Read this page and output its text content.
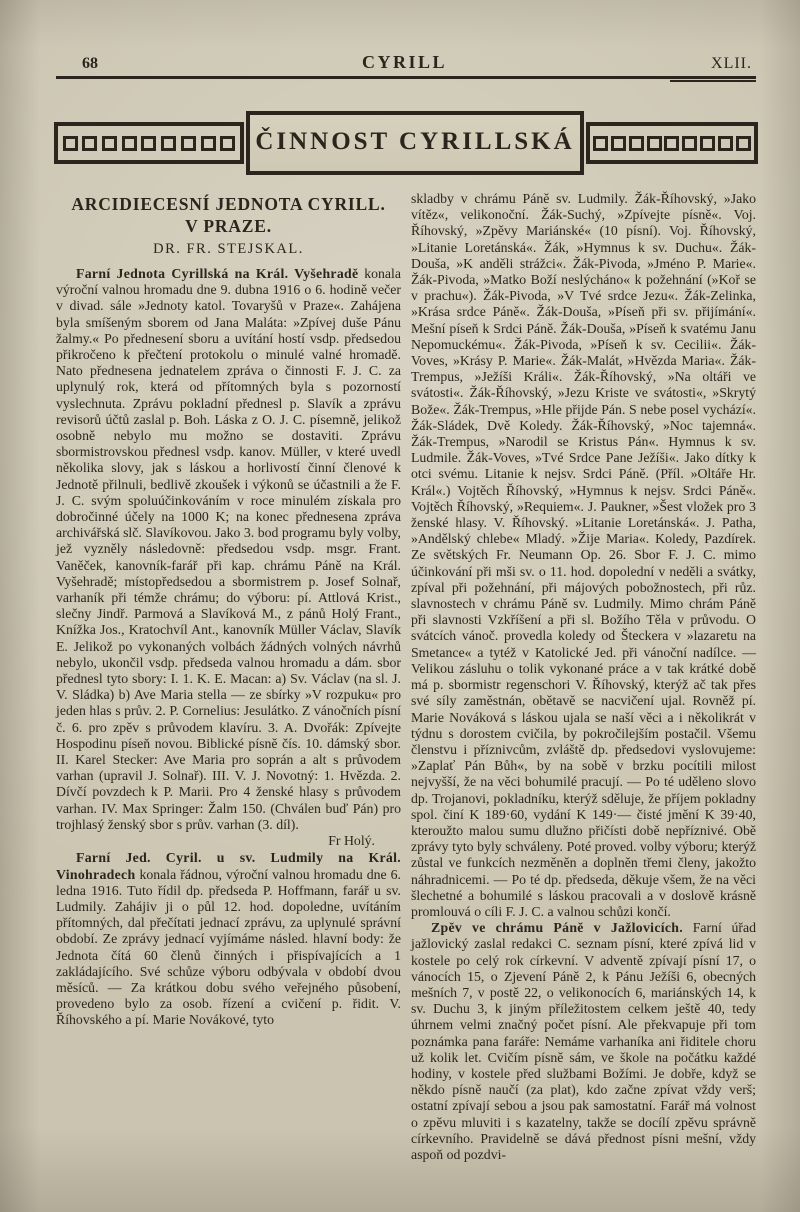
68	CYRILL	XLII.
ČINNOST CYRILLSKÁ
ARCIDIECESNÍ JEDNOTA CYRILL.
V PRAZE.
DR. FR. STEJSKAL.

Farní Jednota Cyrillská na Král. Vyšehradě konala výroční valnou hromadu dne 9. dubna 1916 o 6. hodině večer v divad. sále »Jednoty katol. Tovaryšů v Praze«. Zahájena byla smíšeným sborem od Jana Maláta: »Zpívej duše Pánu žalmy.« Po přednesení sboru a uvítání hostí vsdp. předsedou přikročeno k přečtení protokolu o minulé valné hromadě. Nato přednesena jednatelem zpráva o činnosti F. J. C. za uplynulý rok, která od přítomných byla s pozorností vyslechnuta. Zprávu pokladní přednesl p. Slavík a zprávu revisorů účtů zaslal p. Boh. Láska z O. J. C. písemně, jelikož osobně nebylo mu možno se dostaviti. Zprávu sbormistrovskou přednesl vsdp. kanov. Müller, v které uvedl několika slovy, jak s láskou a horlivostí činní členové k Jednotě přilnuli, bedlivě zkoušek i výkonů se účastnili a že F. J. C. svým spoluúčinkováním v roce minulém získala pro dobročinné účely na 1000 K; na konec přednesena zpráva archivářská slč. Slavíkovou. Jako 3. bod programu byly volby, jež vyzněly následovně: předsedou vsdp. msgr. Frant. Vaněček, kanovník-farář při kap. chrámu Páně na Král. Vyšehradě; místopředsedou a sbormistrem p. Josef Solnař, varhaník při témže chrámu; do výboru: pí. Attlová Krist., slečny Jindř. Parmová a Slavíková M., z pánů Holý Frant., Knížka Jos., Kratochvíl Ant., kanovník Müller Václav, Slavík E. Jelikož po vykonaných volbách žádných volných návrhů nebylo, ukončil vsdp. předseda valnou hromadu a dám. sbor přednesl tyto sbory: I. 1. K. E. Macan: a) Sv. Václav (na sl. J. V. Sládka) b) Ave Maria stella — ze sbírky »V rozpuku« pro jeden hlas s prův. 2. P. Cornelius: Jesulátko. Z vánočních písní č. 6. pro zpěv s průvodem klavíru. 3. A. Dvořák: Zpívejte Hospodinu píseň novou. Biblické písně čís. 10. dámský sbor. II. Karel Stecker: Ave Maria pro soprán a alt s průvodem varhan (upravil J. Solnař). III. V. J. Novotný: 1. Hvězda. 2. Dívčí povzdech k P. Marii. Pro 4 ženské hlasy s průvodem varhan. IV. Max Springer: Žalm 150. (Chválen buď Pán) pro trojhlasý ženský sbor s prův. varhan (3. díl).

Fr Holý.

Farní Jed. Cyril. u sv. Ludmily na Král. Vinohradech konala řádnou, výroční valnou hromadu dne 6. ledna 1916. Tuto řídil dp. předseda P. Hoffmann, farář u sv. Ludmily. Zahájiv ji o půl 12. hod. dopoledne, uvítáním přítomných, dal přečítati jednací zprávu, za uplynulé správní období. Ze zprávy jednací vyjímáme násled. hlavní body: že Jednota čítá 60 členů činných i přispívajících a 1 zakládajícího. Své schůze výboru odbývala v období dvou měsíců. — Za krátkou dobu svého veřejného působení, provedeno bylo za osob. řízení a cvičení p. řidit. V. Říhovského a pí. Marie Novákové, tyto

skladby v chrámu Páně sv. Ludmily. Žák-Říhovský, »Jako vítěz«, velikonoční. Žák-Suchý, »Zpívejte písně«. Voj. Říhovský, »Zpěvy Mariánské« (10 písní). Voj. Říhovský, »Litanie Loretánská«. Žák, »Hymnus k sv. Duchu«. Žák-Douša, »K anděli strážci«. Žák-Pivoda, »Jméno P. Marie«. Žák-Pivoda, »Matko Boží neslýcháno« k požehnání (»Koř se v prachu«). Žák-Pivoda, »V Tvé srdce Jezu«. Žák-Zelinka, »Krása srdce Páně«. Žák-Douša, »Píseň při sv. přijímání«. Mešní píseň k Srdci Páně. Žák-Douša, »Píseň k svatému Janu Nepomuckému«. Žák-Pivoda, »Píseň k sv. Cecilii«. Žák-Voves, »Krásy P. Marie«. Žák-Malát, »Hvězda Maria«. Žák-Trempus, »Ježíši Králi«. Žák-Říhovský, »Na oltáři ve svátosti«. Žák-Říhovský, »Jezu Kriste ve svátosti«, »Skrytý Bože«. Žák-Trempus, »Hle přijde Pán. S nebe posel vychází«. Žák-Sládek, Dvě Koledy. Žák-Říhovský, »Noc tajemná«. Žák-Trempus, »Narodil se Kristus Pán«. Hymnus k sv. Ludmile. Žák-Voves, »Tvé Srdce Pane Ježíši«. Jako dítky k otci svému. Litanie k nejsv. Srdci Páně. (Příl. »Oltáře Hr. Král«.) Vojtěch Říhovský, »Hymnus k nejsv. Srdci Páně«. Vojtěch Říhovský, »Requiem«. J. Paukner, »Šest vložek pro 3 ženské hlasy. V. Říhovský. »Litanie Loretánská«. J. Patha, »Andělský chlebe« Mladý. »Žije Maria«. Koledy, Pazdírek. Ze světských Fr. Neumann Op. 26. Sbor F. J. C. mimo účinkování při mši sv. o 11. hod. dopolední v neděli a svátky, zpíval při požehnání, při májových pobožnostech, při růz. slavnostech v chrámu Páně sv. Ludmily. Mimo chrám Páně při slavnosti Vzkříšení a při sl. Božího Těla v průvodu. O svátcích vánoč. provedla koledy od Šteckera v »lazaretu na Smetance« a tytéž v Katolické Jed. při vánoční nadílce. — Velikou zásluhu o tolik vykonané práce a v tak krátké době má p. sbormistr regenschori V. Říhovský, kterýž ač tak přes své síly zaměstnán, obětavě se nacvičení ujal. Rovněž pí. Marie Nováková s láskou ujala se naší věci a i několikrát v týdnu s dorostem cvičila, by pokročilejším postačil. Všemu členstvu i příznivcům, zvláště dp. předsedovi vyslovujeme: »Zaplať Pán Bůh«, by na sobě v brzku pocítili milost nejvyšší, že na věci bohumilé pracují. — Po té uděleno slovo dp. Trojanovi, pokladníku, kterýž sděluje, že příjem pokladny spol. činí K 189·60, vydání K 149·— čisté jmění K 39·40, kteroužto malou sumu dlužno přičísti době nepříznivé. Obě zprávy tyto byly schváleny. Poté proved. volby výboru; kterýž zůstal ve funkcích nezměněn a doplněn třemi členy, jakožto náhradnicemi. — Po té dp. předseda, děkuje všem, že na věci šlechetné a bohumilé s láskou pracovali a v doslově krásně promlouvá o cíli F. J. C. a valnou schůzi končí.

Zpěv ve chrámu Páně v Jažlovicích. Farní úřad jažlovický zaslal redakci C. seznam písní, které zpívá lid v kostele po celý rok církevní. V adventě zpívají písní 17, o vánocích 15, o Zjevení Páně 2, k Pánu Ježíši 6, obecných mešních 7, v postě 22, o velikonocích 6, mariánských 14, k sv. Duchu 3, k jiným příležitostem celkem ještě 40, tedy úhrnem velmi značný počet písní. Ale překvapuje při tom poznámka pana faráře: Nemáme varhaníka ani řiditele choru už kolik let. Cvičím písně sám, ve škole na počátku každé hodiny, v kostele před službami Božími. Je dobře, když se někdo písně naučí (za plat), kdo začne zpívat vždy verš; ostatní zpívají sebou a jsou pak samostatní. Farář má volnost o zpěvu mluviti i s kazatelny, takže se docílí zpěvu správně církevního. Pravidelně se dává přednost písni mešní, vždy aspoň od pozdvi-
